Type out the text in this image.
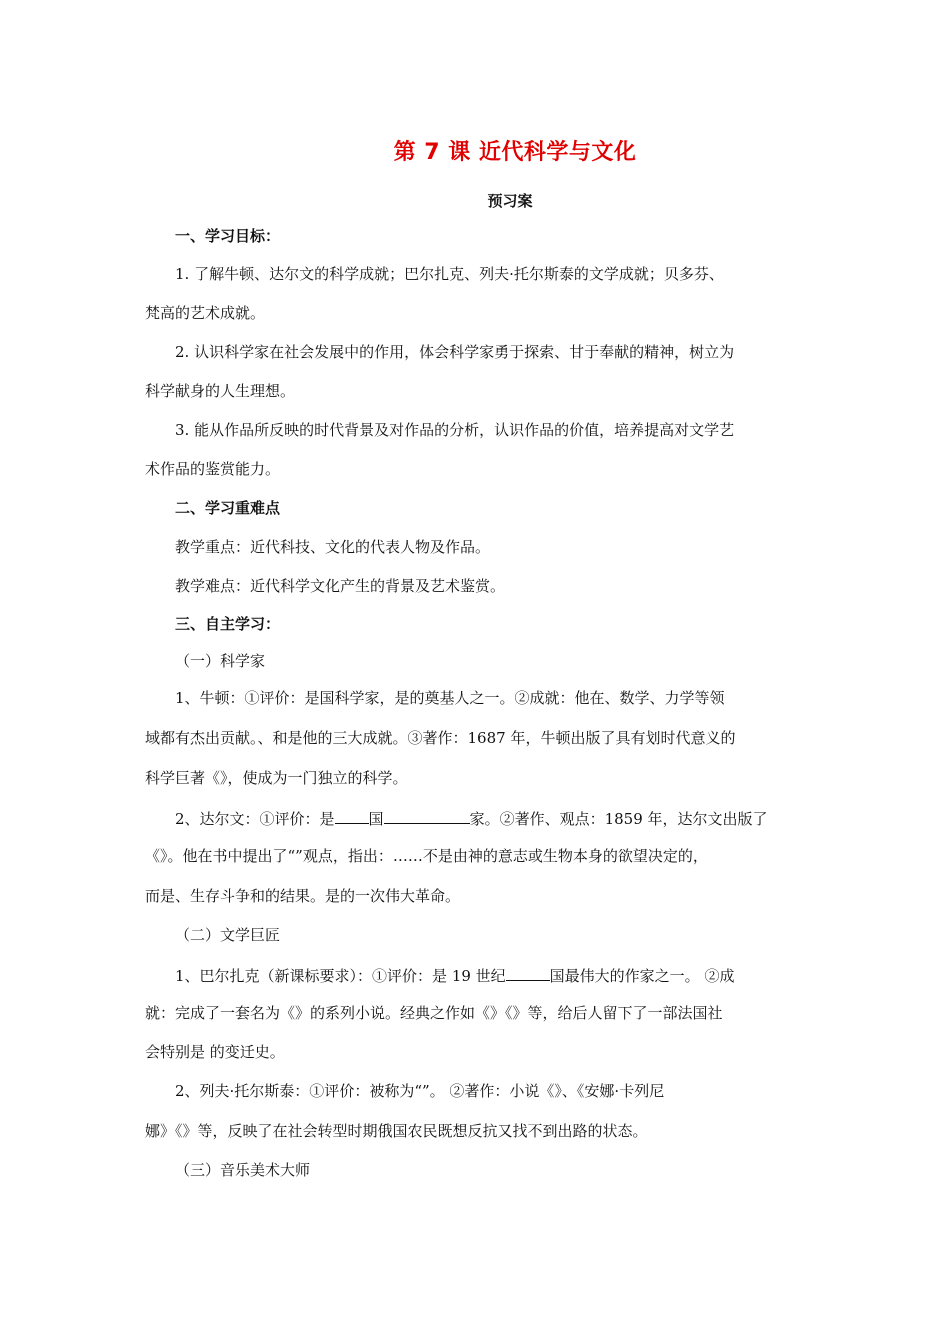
第 7 课 近代科学与文化
预习案
一、学习目标：
1. 了解牛顿、达尔文的科学成就；巴尔扎克、列夫·托尔斯泰的文学成就；贝多芬、
梵高的艺术成就。
2. 认识科学家在社会发展中的作用，体会科学家勇于探索、甘于奉献的精神，树立为
科学献身的人生理想。
3. 能从作品所反映的时代背景及对作品的分析，认识作品的价值，培养提高对文学艺
术作品的鉴赏能力。
二、学习重难点
教学重点：近代科技、文化的代表人物及作品。
教学难点：近代科学文化产生的背景及艺术鉴赏。
三、自主学习：
（一）科学家
1、牛顿：①评价：是国科学家，是的奠基人之一。②成就：他在、数学、力学等领
域都有杰出贡献。、和是他的三大成就。③著作：1687 年，牛顿出版了具有划时代意义的
科学巨著《》，使成为一门独立的科学。
2、达尔文：①评价：是 国	家。②著作、观点：1859 年，达尔文出版了
《》。他在书中提出了“”观点，指出：……不是由神的意志或生物本身的欲望决定的，
而是、生存斗争和的结果。是的一次伟大革命。
（二）文学巨匠
1、巴尔扎克（新课标要求）：①评价：是 19 世纪	国最伟大的作家之一。 ②成
就：完成了一套名为《》的系列小说。经典之作如《》《》等，给后人留下了一部法国社
会特别是 的变迁史。
2、列夫·托尔斯泰：①评价：被称为“”。 ②著作：小说《》、《安娜·卡列尼
娜》《》等，反映了在社会转型时期俄国农民既想反抗又找不到出路的状态。
（三）音乐美术大师
